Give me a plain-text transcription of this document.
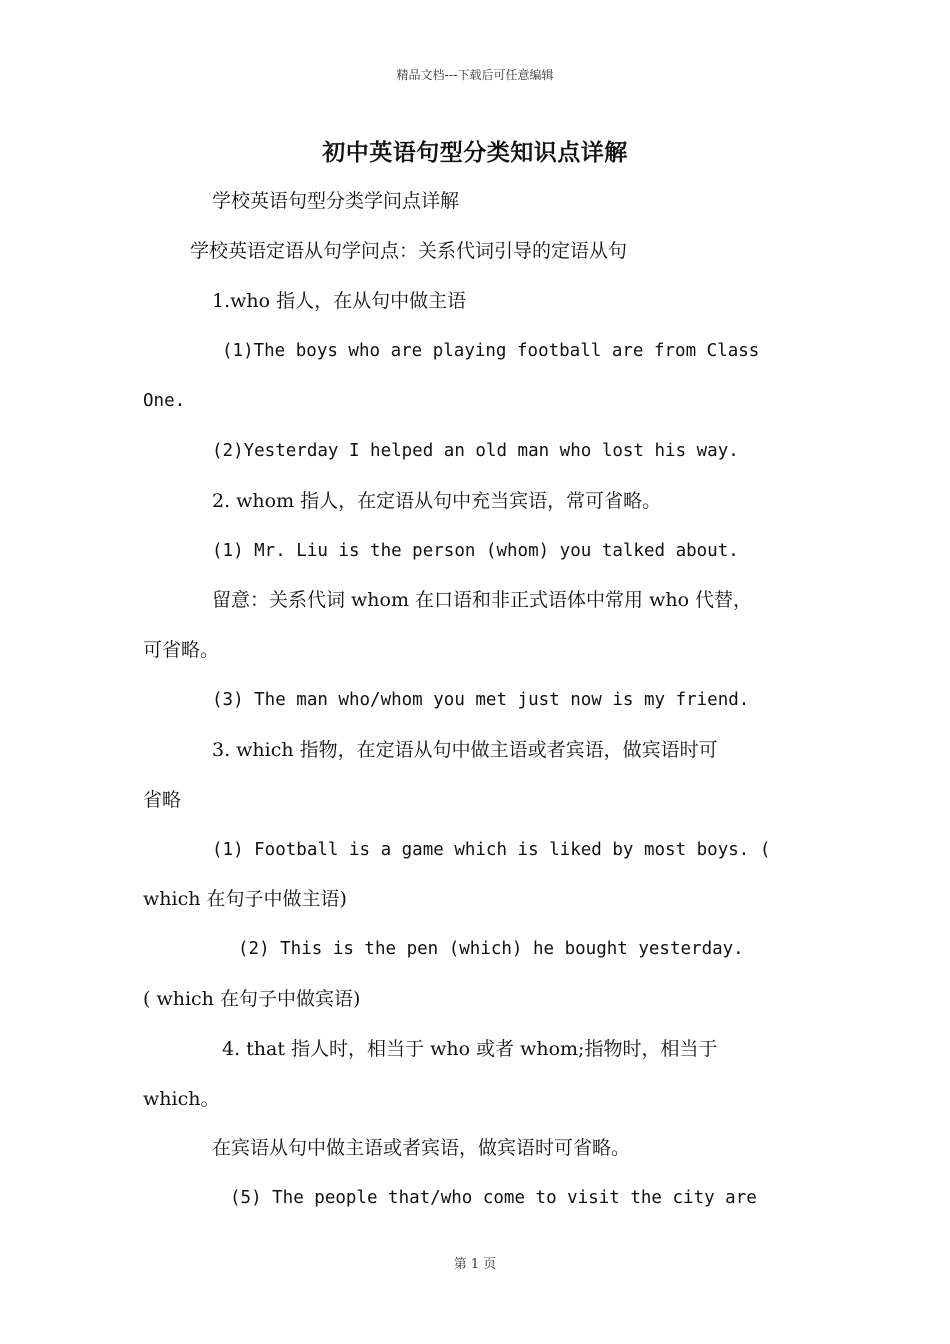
精品文档---下载后可任意编辑
初中英语句型分类知识点详解
学校英语句型分类学问点详解
学校英语定语从句学问点：关系代词引导的定语从句
1.who 指人，在从句中做主语
(1)The boys who are playing football are from Class
One.
(2)Yesterday I helped an old man who lost his way.
2. whom 指人，在定语从句中充当宾语，常可省略。
(1) Mr. Liu is the person (whom) you talked about.
留意：关系代词 whom 在口语和非正式语体中常用 who 代替，
可省略。
(3) The man who/whom you met just now is my friend.
3. which 指物，在定语从句中做主语或者宾语，做宾语时可
省略
(1) Football is a game which is liked by most boys. (
which 在句子中做主语)
(2) This is the pen (which) he bought yesterday.
( which 在句子中做宾语)
4. that 指人时，相当于 who 或者 whom;指物时，相当于
which。
在宾语从句中做主语或者宾语，做宾语时可省略。
(5) The people that/who come to visit the city are
第 1 页
